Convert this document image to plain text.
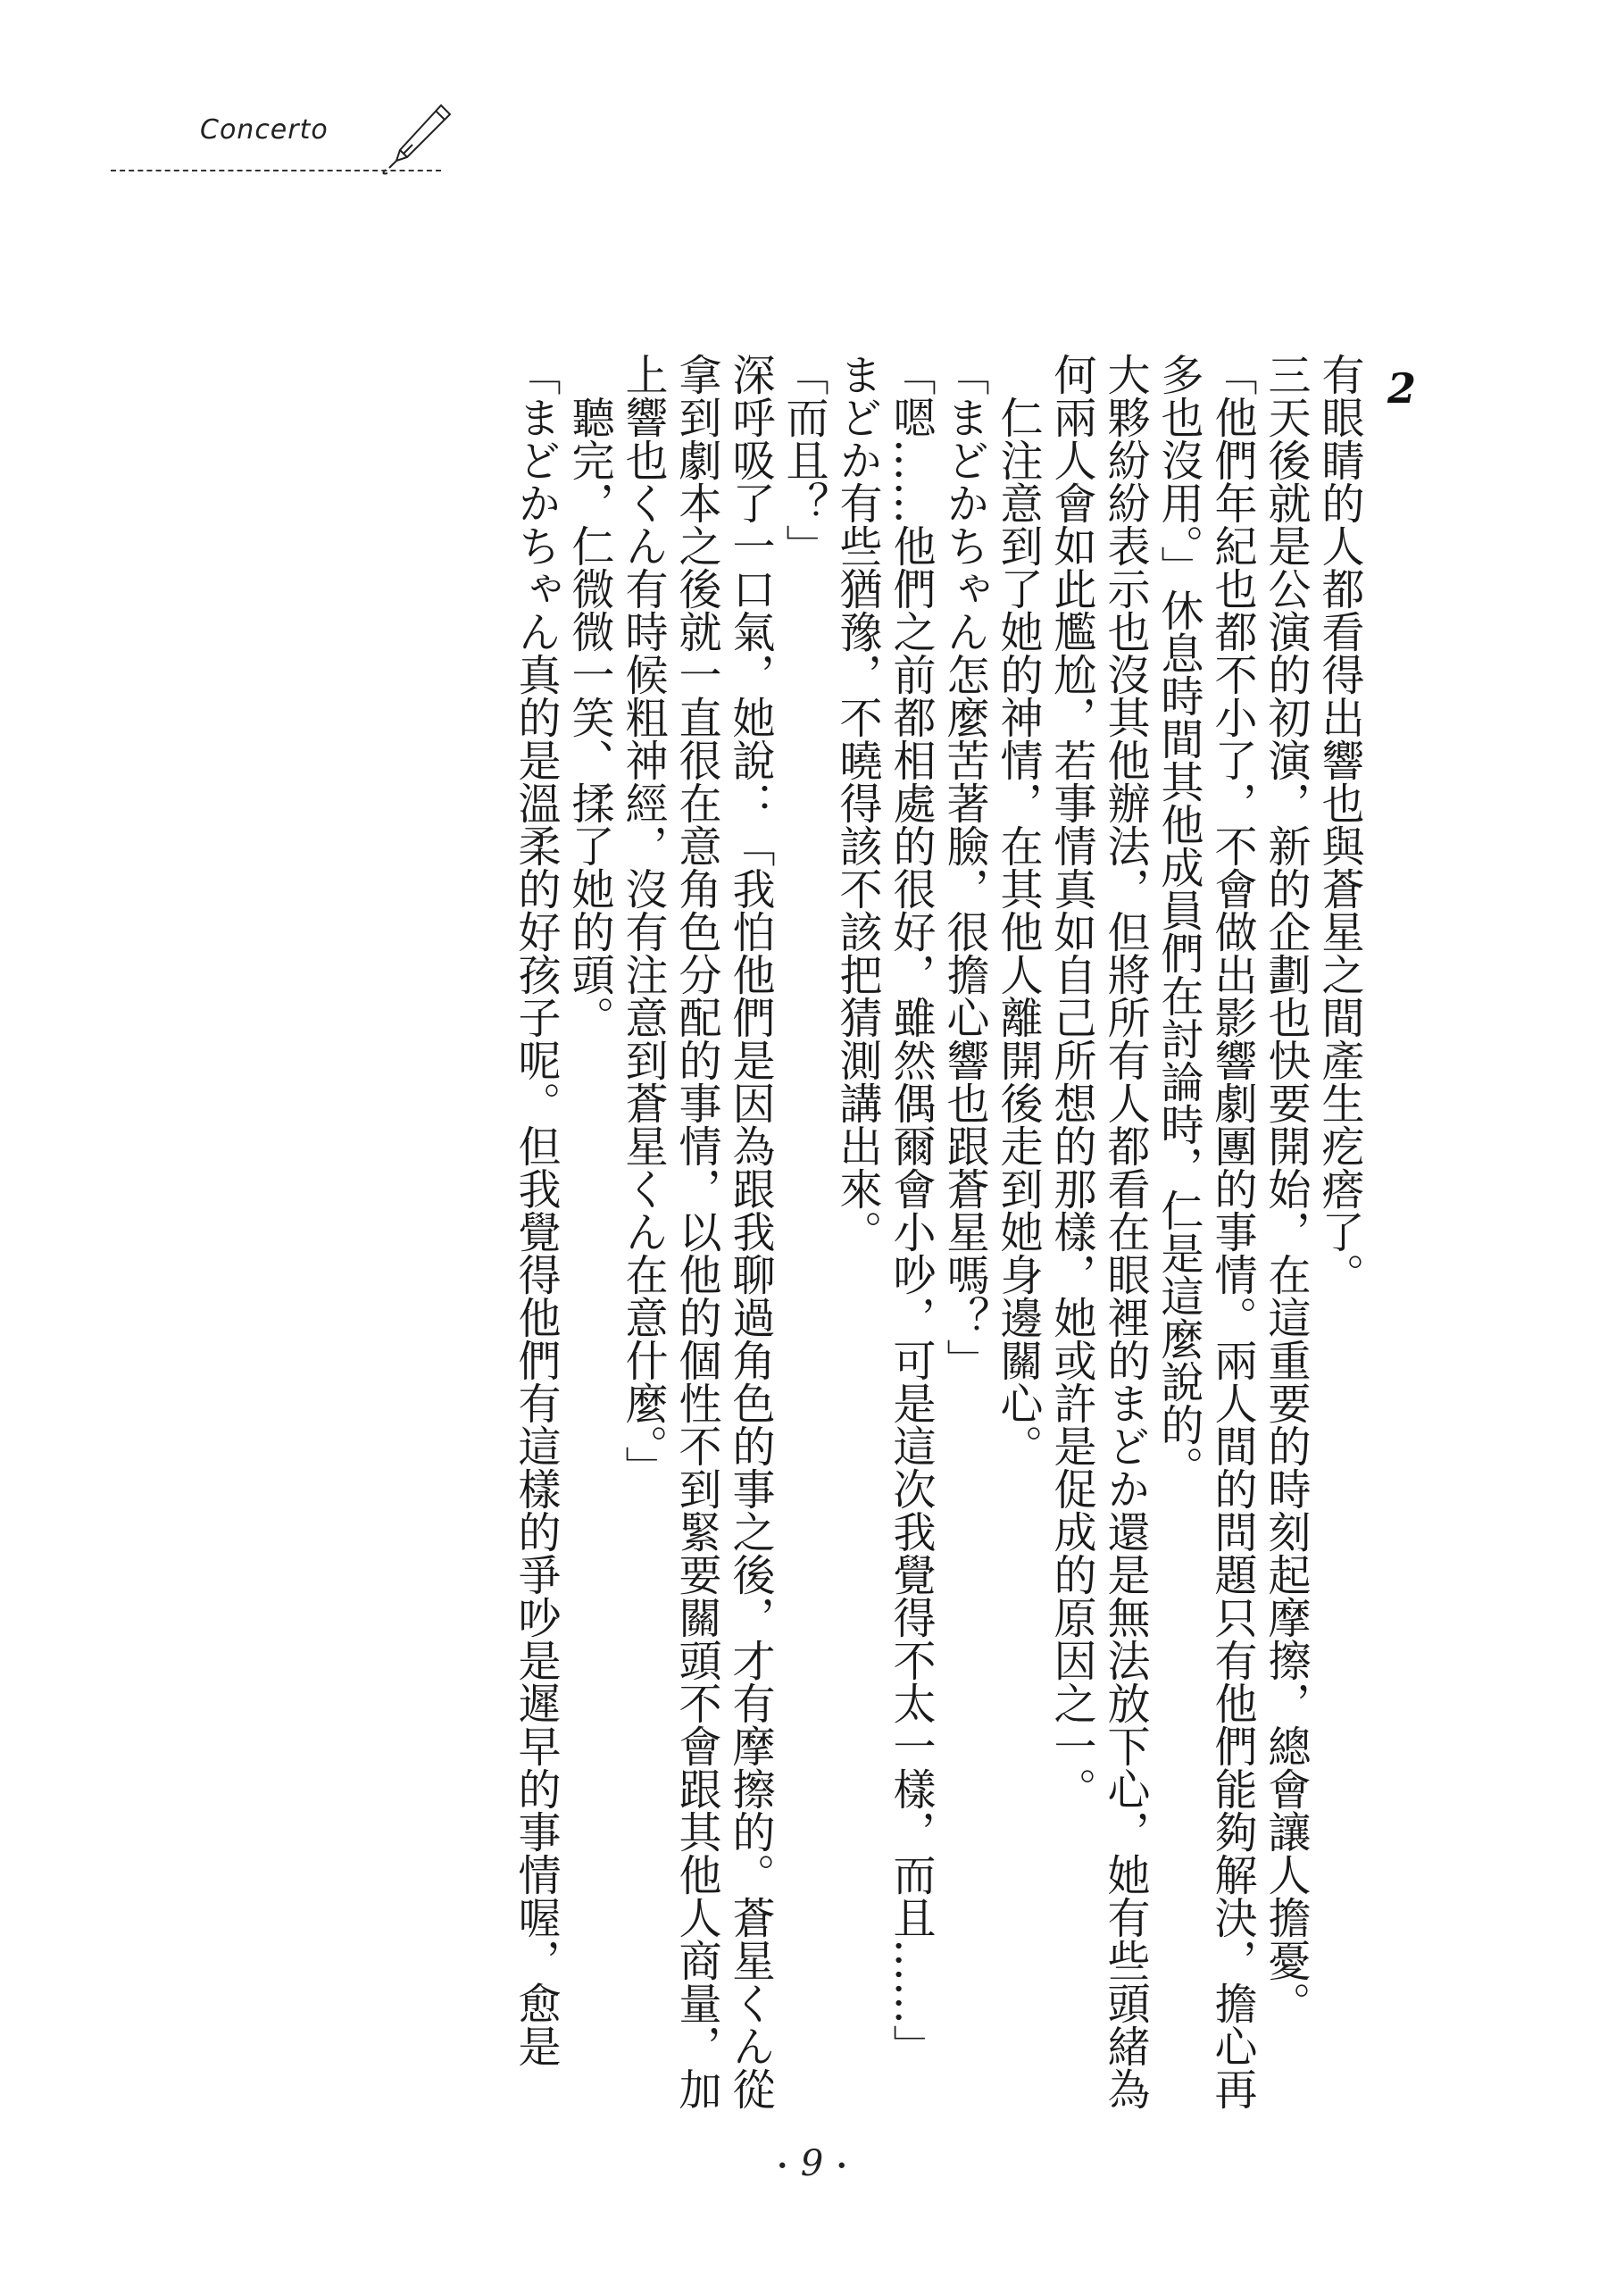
Concerto
2

有眼睛的人都看得出響也與蒼星之間產生疙瘩了。

三天後就是公演的初演，新的企劃也快要開始，在這重要的時刻起摩擦，總會讓人擔憂。

「他們年紀也都不小了，不會做出影響劇團的事情。兩人間的問題只有他們能夠解決，擔心再多也沒用。」休息時間其他成員們在討論時，仁是這麼說的。

大夥紛紛表示也沒其他辦法，但將所有人都看在眼裡的まどか還是無法放下心，她有些頭緒為何兩人會如此尷尬，若事情真如自己所想的那樣，她或許是促成的原因之一。

仁注意到了她的神情，在其他人離開後走到她身邊關心。

「まどかちゃん怎麼苦著臉，很擔心響也跟蒼星嗎？」

「嗯……他們之前都相處的很好，雖然偶爾會小吵，可是這次我覺得不太一樣，而且……」

まどか有些猶豫，不曉得該不該把猜測講出來。

「而且？」

深呼吸了一口氣，她說：「我怕他們是因為跟我聊過角色的事之後，才有摩擦的。蒼星くん從拿到劇本之後就一直很在意角色分配的事情，以他的個性不到緊要關頭不會跟其他人商量，加上響也くん有時候粗神經，沒有注意到蒼星くん在意什麼。」

聽完，仁微微一笑、揉了她的頭。

「まどかちゃん真的是溫柔的好孩子呢。但我覺得他們有這樣的爭吵是遲早的事情喔，愈是

• 9 •
